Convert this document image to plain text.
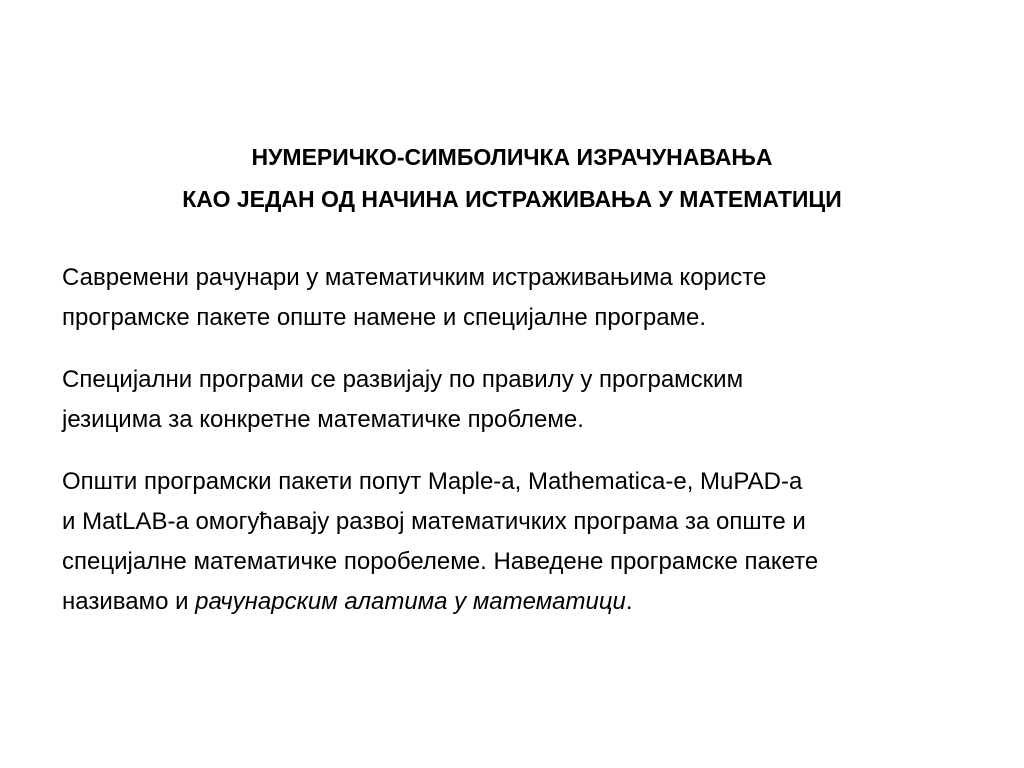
НУМЕРИЧКО-СИМБОЛИЧКА ИЗРАЧУНАВАЊА
КАО ЈЕДАН ОД НАЧИНА ИСТРАЖИВАЊА У МАТЕМАТИЦИ

Савремени рачунари у математичким истраживањима користе
програмске пакете опште намене и специјалне програме.

Специјални програми се развијају по правилу у програмским
језицима за конкретне математичке проблеме.

Општи програмски пакети попут Maple-a, Mathematica-e, MuPAD-a
и MatLAB-a омогућавају развој математичких програма за опште и
специјалне математичке поробелеме. Наведене програмске пакете
називамо и рачунарским алатима у математици.
